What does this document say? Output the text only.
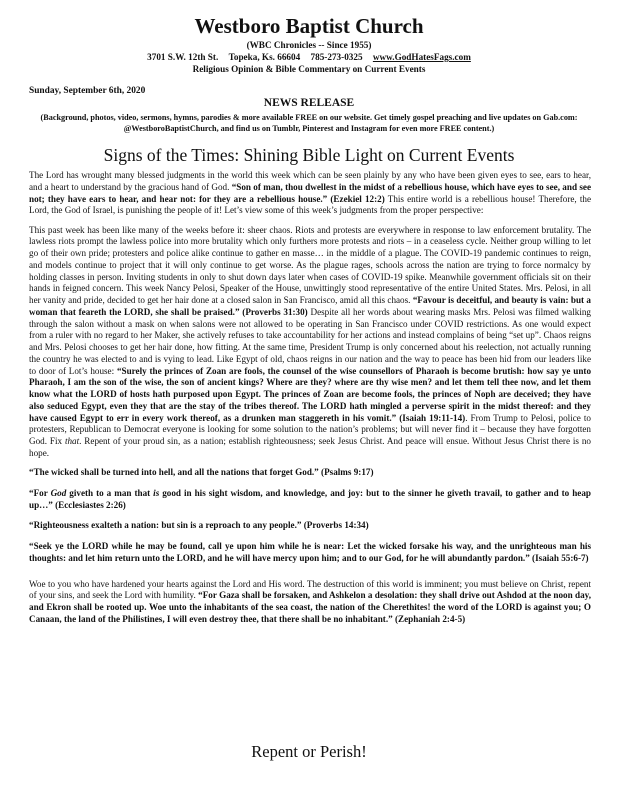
Westboro Baptist Church
(WBC Chronicles -- Since 1955)
3701 S.W. 12th St. Topeka, Ks. 66604 785-273-0325 www.GodHatesFags.com
Religious Opinion & Bible Commentary on Current Events
Sunday, September 6th, 2020
NEWS RELEASE
(Background, photos, video, sermons, hymns, parodies & more available FREE on our website. Get timely gospel preaching and live updates on Gab.com: @WestboroBaptistChurch, and find us on Tumblr, Pinterest and Instagram for even more FREE content.)
Signs of the Times: Shining Bible Light on Current Events

The Lord has wrought many blessed judgments in the world this week which can be seen plainly by any who have been given eyes to see, ears to hear, and a heart to understand by the gracious hand of God. “Son of man, thou dwellest in the midst of a rebellious house, which have eyes to see, and see not; they have ears to hear, and hear not: for they are a rebellious house.” (Ezekiel 12:2) This entire world is a rebellious house! Therefore, the Lord, the God of Israel, is punishing the people of it! Let’s view some of this week’s judgments from the proper perspective:

This past week has been like many of the weeks before it: sheer chaos. Riots and protests are everywhere in response to law enforcement brutality. The lawless riots prompt the lawless police into more brutality which only furthers more protests and riots – in a ceaseless cycle. Neither group willing to let go of their own pride; protesters and police alike continue to gather en masse… in the middle of a plague. The COVID-19 pandemic continues to reign, and models continue to project that it will only continue to get worse. As the plague rages, schools across the nation are trying to force normalcy by holding classes in person. Inviting students in only to shut down days later when cases of COVID-19 spike. Meanwhile government officials sit on their hands in feigned concern. This week Nancy Pelosi, Speaker of the House, unwittingly stood representative of the entire United States. Mrs. Pelosi, in all her vanity and pride, decided to get her hair done at a closed salon in San Francisco, amid all this chaos. “Favour is deceitful, and beauty is vain: but a woman that feareth the LORD, she shall be praised.” (Proverbs 31:30) Despite all her words about wearing masks Mrs. Pelosi was filmed walking through the salon without a mask on when salons were not allowed to be operating in San Francisco under COVID restrictions. As one would expect from a ruler with no regard to her Maker, she actively refuses to take accountability for her actions and instead complains of being “set up”. Chaos reigns and Mrs. Pelosi chooses to get her hair done, how fitting. At the same time, President Trump is only concerned about his reelection, not actually running the country he was elected to and is vying to lead. Like Egypt of old, chaos reigns in our nation and the way to peace has been hid from our leaders like to door of Lot’s house: “Surely the princes of Zoan are fools, the counsel of the wise counsellors of Pharaoh is become brutish: how say ye unto Pharaoh, I am the son of the wise, the son of ancient kings? Where are they? where are thy wise men? and let them tell thee now, and let them know what the LORD of hosts hath purposed upon Egypt. The princes of Zoan are become fools, the princes of Noph are deceived; they have also seduced Egypt, even they that are the stay of the tribes thereof. The LORD hath mingled a perverse spirit in the midst thereof: and they have caused Egypt to err in every work thereof, as a drunken man staggereth in his vomit.” (Isaiah 19:11-14). From Trump to Pelosi, police to protesters, Republican to Democrat everyone is looking for some solution to the nation’s problems; but will never find it – because they have forgotten God. Fix that. Repent of your proud sin, as a nation; establish righteousness; seek Jesus Christ. And peace will ensue. Without Jesus Christ there is no hope.

“The wicked shall be turned into hell, and all the nations that forget God.” (Psalms 9:17)

“For God giveth to a man that is good in his sight wisdom, and knowledge, and joy: but to the sinner he giveth travail, to gather and to heap up…” (Ecclesiastes 2:26)

“Righteousness exalteth a nation: but sin is a reproach to any people.” (Proverbs 14:34)

“Seek ye the LORD while he may be found, call ye upon him while he is near: Let the wicked forsake his way, and the unrighteous man his thoughts: and let him return unto the LORD, and he will have mercy upon him; and to our God, for he will abundantly pardon.” (Isaiah 55:6-7)

Woe to you who have hardened your hearts against the Lord and His word. The destruction of this world is imminent; you must believe on Christ, repent of your sins, and seek the Lord with humility. “For Gaza shall be forsaken, and Ashkelon a desolation: they shall drive out Ashdod at the noon day, and Ekron shall be rooted up. Woe unto the inhabitants of the sea coast, the nation of the Cherethites! the word of the LORD is against you; O Canaan, the land of the Philistines, I will even destroy thee, that there shall be no inhabitant.” (Zephaniah 2:4-5)

Repent or Perish!
